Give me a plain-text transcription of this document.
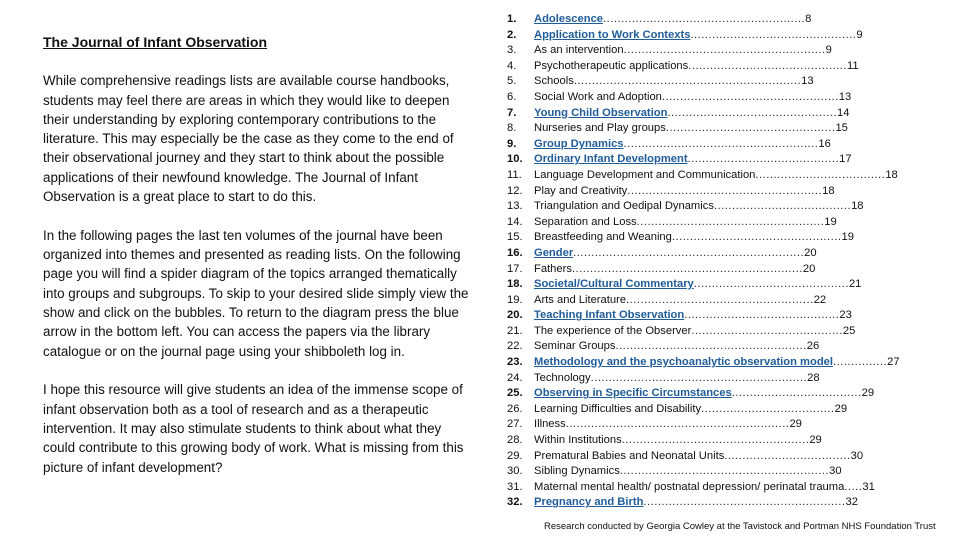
The Journal of Infant Observation

While comprehensive readings lists are available course handbooks, students may feel there are areas in which they would like to deepen their understanding by exploring contemporary contributions to the literature. This may especially be the case as they come to the end of their observational journey and they start to think about the possible applications of their newfound knowledge. The Journal of Infant Observation is a great place to start to do this.

In the following pages the last ten volumes of the journal have been organized into themes and presented as reading lists. On the following page you will find a spider diagram of the topics arranged thematically into groups and subgroups. To skip to your desired slide simply view the show and click on the bubbles. To return to the diagram press the blue arrow in the bottom left. You can access the papers via the library catalogue or on the journal page using your shibboleth log in.

I hope this resource will give students an idea of the immense scope of infant observation both as a tool of research and as a therapeutic intervention. It may also stimulate students to think about what they could contribute to this growing body of work. What is missing from this picture of infant development?

1.	Adolescence ........................................................ 8
2.	Application to Work Contexts .............................................. 9
3.	As an intervention ........................................................ 9
4.	Psychotherapeutic applications ............................................ 11
5.	Schools ............................................................... 13
6.	Social Work and Adoption ................................................. 13
7.	Young Child Observation ............................................... 14
8.	Nurseries and Play groups ............................................... 15
9.	Group Dynamics ...................................................... 16
10.	Ordinary Infant Development .......................................... 17
11.	Language Development and Communication .................................... 18
12.	Play and Creativity ...................................................... 18
13.	Triangulation and Oedipal Dynamics ...................................... 18
14.	Separation and Loss .................................................... 19
15.	Breastfeeding and Weaning ............................................... 19
16.	Gender ................................................................ 20
17.	Fathers ................................................................ 20
18.	Societal/Cultural Commentary ........................................... 21
19.	Arts and Literature .................................................... 22
20.	Teaching Infant Observation ........................................... 23
21.	The experience of the Observer .......................................... 25
22.	Seminar Groups ..................................................... 26
23.	Methodology and the psychoanalytic observation model ............... 27
24.	Technology ............................................................ 28
25.	Observing in Specific Circumstances .................................... 29
26.	Learning Difficulties and Disability ..................................... 29
27.	Illness .............................................................. 29
28.	Within Institutions .................................................... 29
29.	Prematural Babies and Neonatal Units ................................... 30
30.	Sibling Dynamics .......................................................... 30
31.	Maternal mental health/ postnatal depression/ perinatal trauma ..... 31
32.	Pregnancy and Birth ........................................................ 32
Research conducted by Georgia Cowley at the Tavistock and Portman NHS Foundation Trust
